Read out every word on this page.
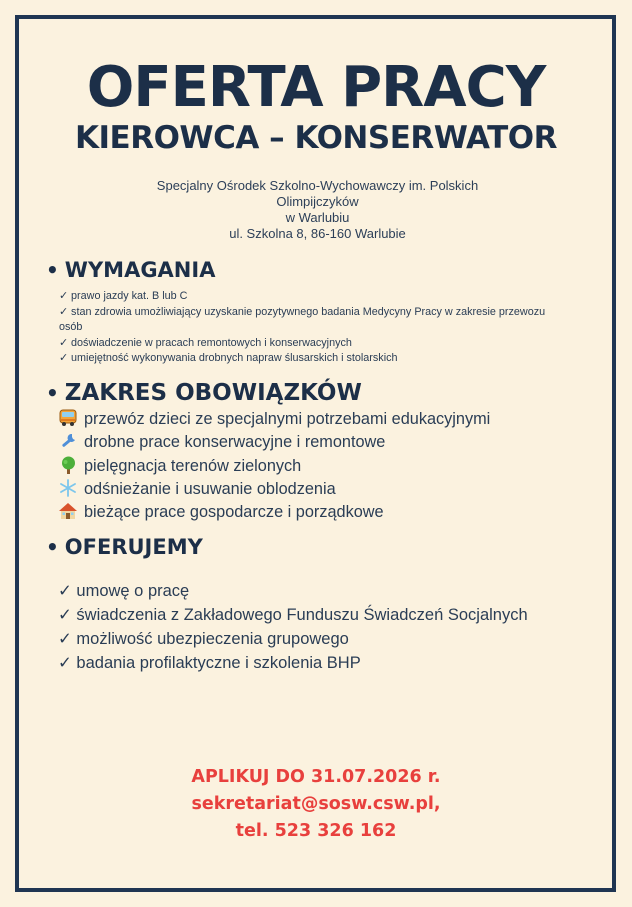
OFERTA PRACY
KIEROWCA – KONSERWATOR
Specjalny Ośrodek Szkolno-Wychowawczy im. Polskich
Olimpijczyków
w Warlubiu
ul. Szkolna 8, 86-160 Warlubie
• WYMAGANIA
✓ prawo jazdy kat. B lub C
✓ stan zdrowia umożliwiający uzyskanie pozytywnego badania Medycyny Pracy w zakresie przewozu osób
✓ doświadczenie w pracach remontowych i konserwacyjnych
✓ umiejętność wykonywania drobnych napraw ślusarskich i stolarskich
• ZAKRES OBOWIĄZKÓW
przewóz dzieci ze specjalnymi potrzebami edukacyjnymi
drobne prace konserwacyjne i remontowe
pielęgnacja terenów zielonych
odśnieżanie i usuwanie oblodzenia
bieżące prace gospodarcze i porządkowe
• OFERUJEMY
✓ umowę o pracę
✓ świadczenia z Zakładowego Funduszu Świadczeń Socjalnych
✓ możliwość ubezpieczenia grupowego
✓ badania profilaktyczne i szkolenia BHP
APLIKUJ DO 31.07.2026 r.
sekretariat@sosw.csw.pl,
tel. 523 326 162
